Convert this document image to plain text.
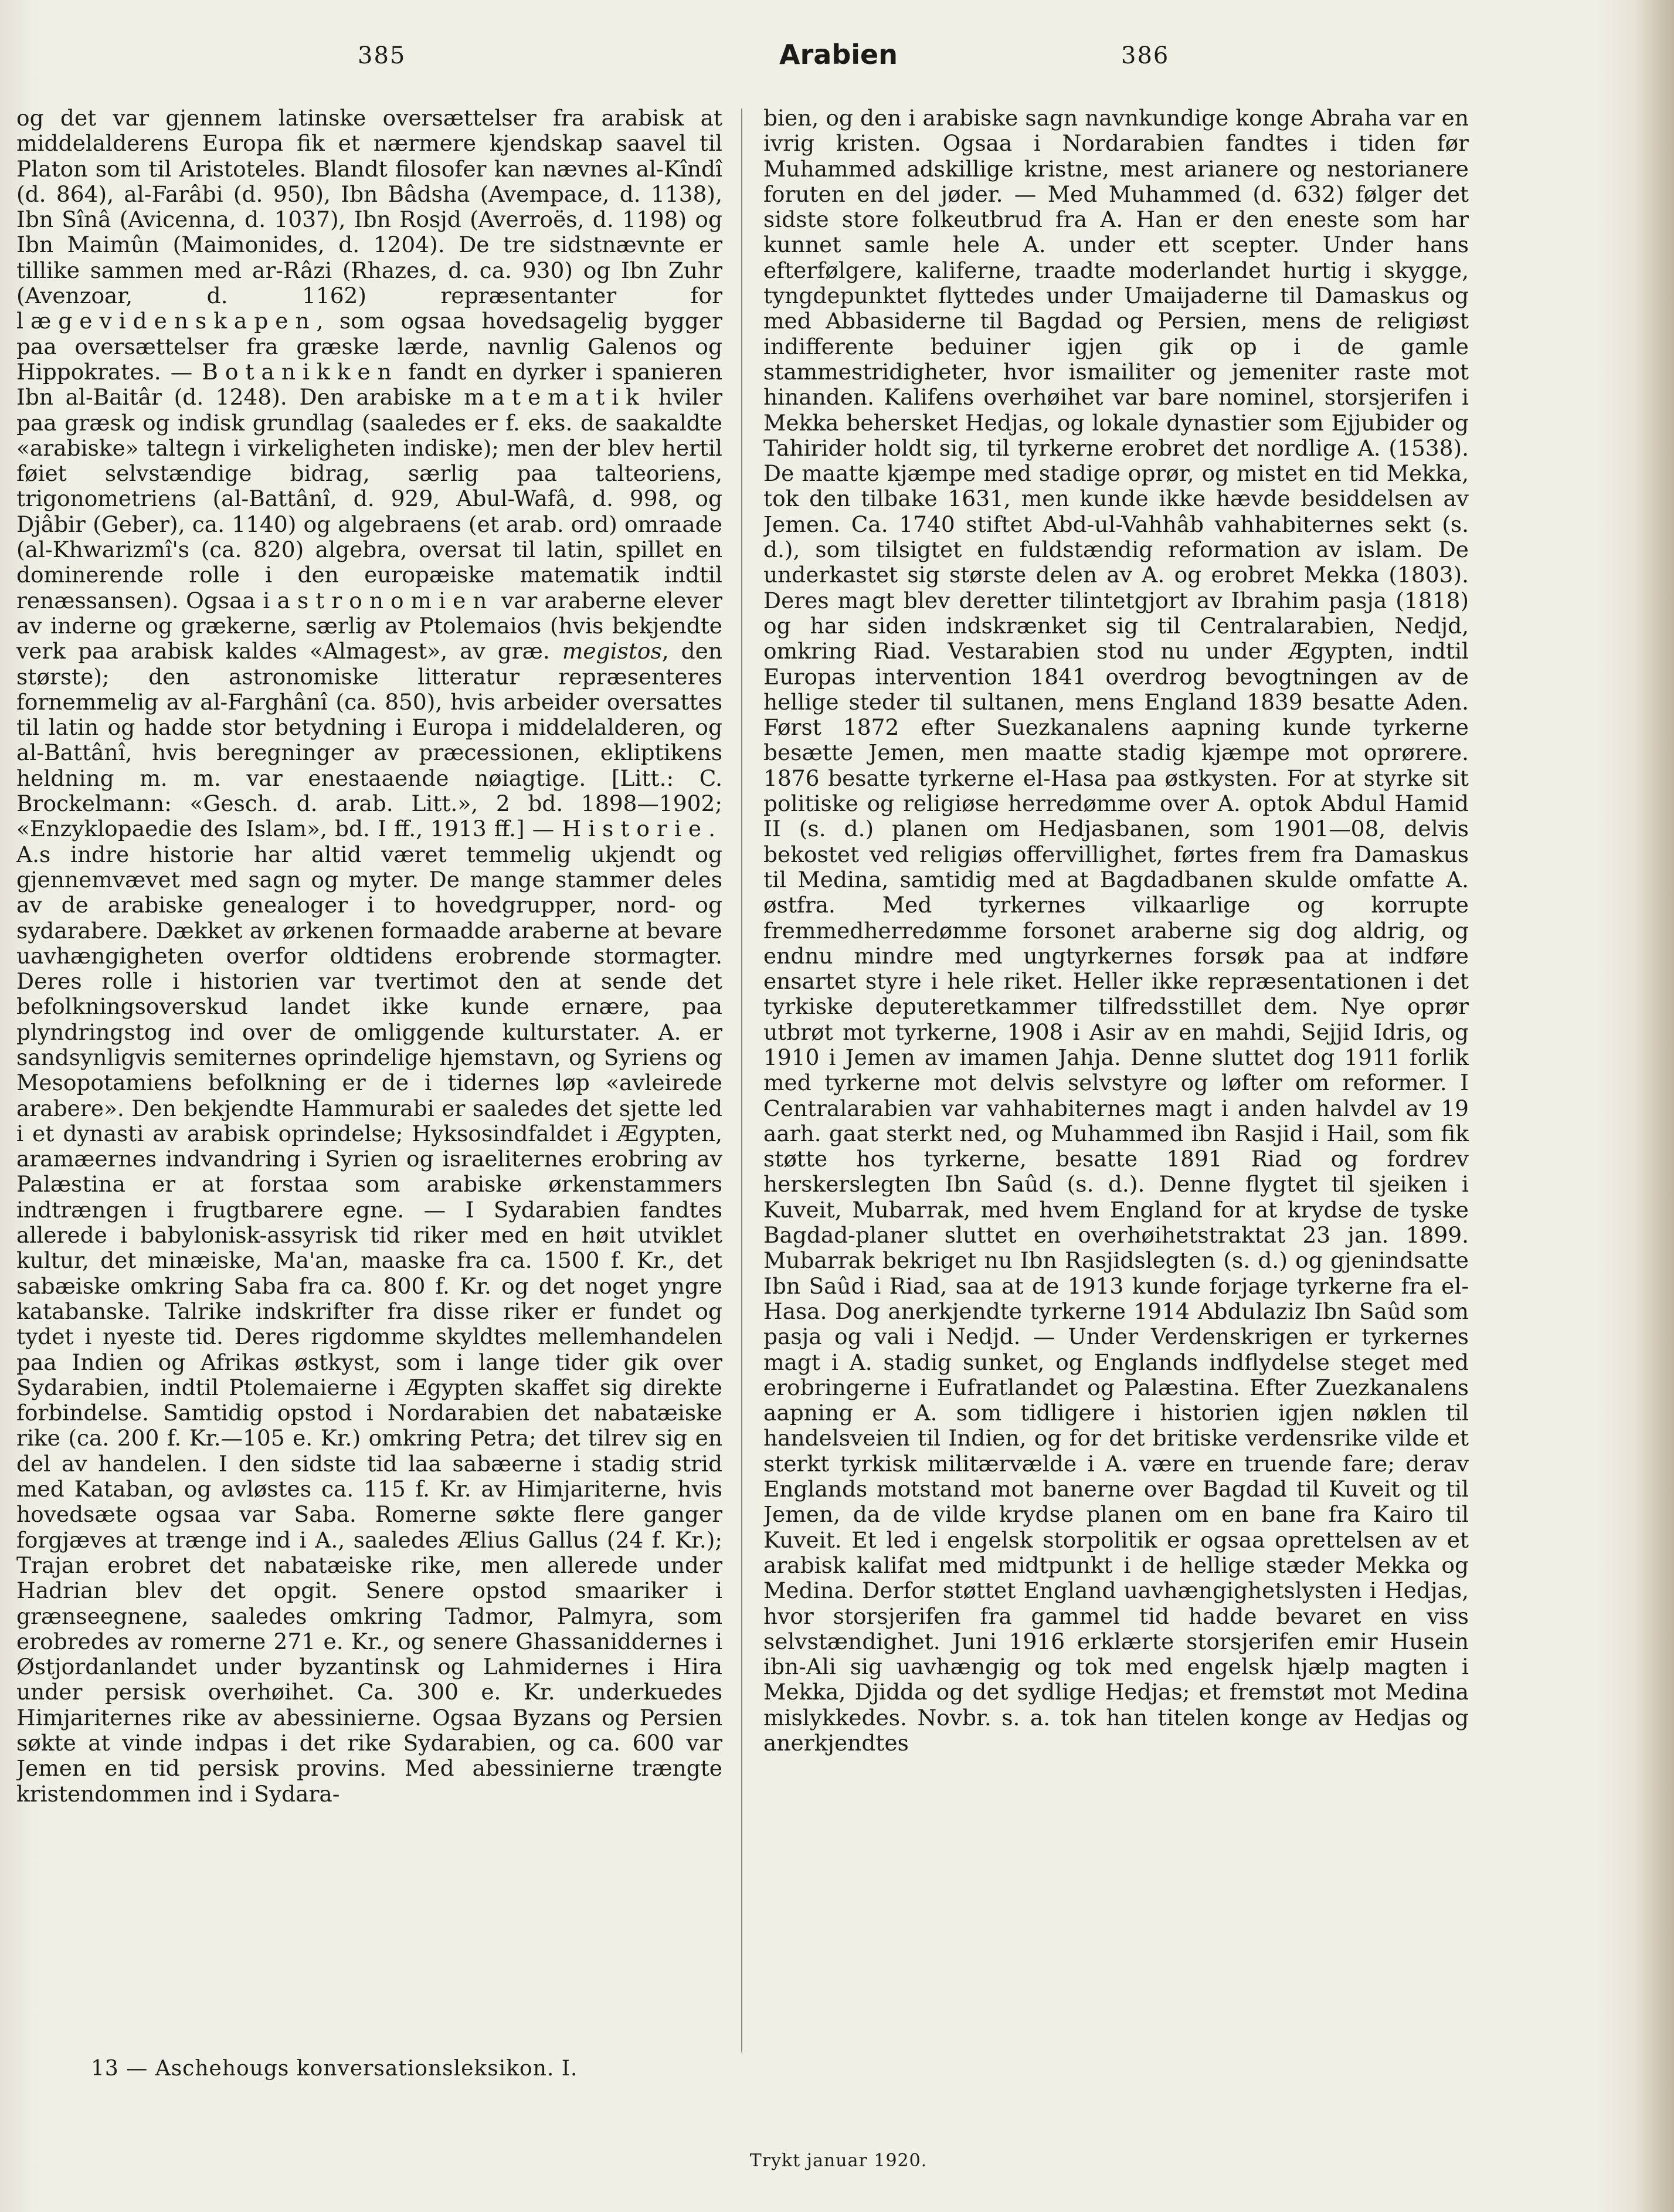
385	Arabien	386

og det var gjennem latinske oversættelser fra arabisk at middelalderens Europa fik et nærmere kjendskap saavel til Platon som til Aristoteles. Blandt filosofer kan nævnes al-Kîndî (d. 864), al-Farâbi (d. 950), Ibn Bâdsha (Avempace, d. 1138), Ibn Sînâ (Avicenna, d. 1037), Ibn Rosjd (Averroës, d. 1198) og Ibn Maimûn (Maimonides, d. 1204). De tre sidstnævnte er tillike sammen med ar-Râzi (Rhazes, d. ca. 930) og Ibn Zuhr (Avenzoar, d. 1162) repræsentanter for lægevidenskapen, som ogsaa hovedsagelig bygger paa oversættelser fra græske lærde, navnlig Galenos og Hippokrates. — Botanikken fandt en dyrker i spanieren Ibn al-Baitâr (d. 1248). Den arabiske matematik hviler paa græsk og indisk grundlag (saaledes er f. eks. de saakaldte «arabiske» taltegn i virkeligheten indiske); men der blev hertil føiet selvstændige bidrag, særlig paa talteoriens, trigonometriens (al-Battânî, d. 929, Abul-Wafâ, d. 998, og Djâbir (Geber), ca. 1140) og algebraens (et arab. ord) omraade (al-Khwarizmî's (ca. 820) algebra, oversat til latin, spillet en dominerende rolle i den europæiske matematik indtil renæssansen). Ogsaa i astronomien var araberne elever av inderne og grækerne, særlig av Ptolemaios (hvis bekjendte verk paa arabisk kaldes «Almagest», av græ. megistos, den største); den astronomiske litteratur repræsenteres fornemmelig av al-Farghânî (ca. 850), hvis arbeider oversattes til latin og hadde stor betydning i Europa i middelalderen, og al-Battânî, hvis beregninger av præcessionen, ekliptikens heldning m. m. var enestaaende nøiagtige. [Litt.: C. Brockelmann: «Gesch. d. arab. Litt.», 2 bd. 1898—1902; «Enzyklopaedie des Islam», bd. I ff., 1913 ff.] — Historie. A.s indre historie har altid været temmelig ukjendt og gjennemvævet med sagn og myter. De mange stammer deles av de arabiske genealoger i to hovedgrupper, nord- og sydarabere. Dækket av ørkenen formaadde araberne at bevare uavhængigheten overfor oldtidens erobrende stormagter. Deres rolle i historien var tvertimot den at sende det befolkningsoverskud landet ikke kunde ernære, paa plyndringstog ind over de omliggende kulturstater. A. er sandsynligvis semiternes oprindelige hjemstavn, og Syriens og Mesopotamiens befolkning er de i tidernes løp «avleirede arabere». Den bekjendte Hammurabi er saaledes det sjette led i et dynasti av arabisk oprindelse; Hyksosindfaldet i Ægypten, aramæernes indvandring i Syrien og israeliternes erobring av Palæstina er at forstaa som arabiske ørkenstammers indtrængen i frugtbarere egne. — I Sydarabien fandtes allerede i babylonisk-assyrisk tid riker med en høit utviklet kultur, det minæiske, Ma'an, maaske fra ca. 1500 f. Kr., det sabæiske omkring Saba fra ca. 800 f. Kr. og det noget yngre katabanske. Talrike indskrifter fra disse riker er fundet og tydet i nyeste tid. Deres rigdomme skyldtes mellemhandelen paa Indien og Afrikas østkyst, som i lange tider gik over Sydarabien, indtil Ptolemaierne i Ægypten skaffet sig direkte forbindelse. Samtidig opstod i Nordarabien det nabatæiske rike (ca. 200 f. Kr.—105 e. Kr.) omkring Petra; det tilrev sig en del av handelen. I den sidste tid laa sabæerne i stadig strid med Kataban, og avløstes ca. 115 f. Kr. av Himjariterne, hvis hovedsæte ogsaa var Saba. Romerne søkte flere ganger forgjæves at trænge ind i A., saaledes Ælius Gallus (24 f. Kr.); Trajan erobret det nabatæiske rike, men allerede under Hadrian blev det opgit. Senere opstod smaariker i grænseegnene, saaledes omkring Tadmor, Palmyra, som erobredes av romerne 271 e. Kr., og senere Ghassaniddernes i Østjordanlandet under byzantinsk og Lahmidernes i Hira under persisk overhøihet. Ca. 300 e. Kr. underkuedes Himjariternes rike av abessinierne. Ogsaa Byzans og Persien søkte at vinde indpas i det rike Sydarabien, og ca. 600 var Jemen en tid persisk provins. Med abessinierne trængte kristendommen ind i Sydara-

bien, og den i arabiske sagn navnkundige konge Abraha var en ivrig kristen. Ogsaa i Nordarabien fandtes i tiden før Muhammed adskillige kristne, mest arianere og nestorianere foruten en del jøder. — Med Muhammed (d. 632) følger det sidste store folkeutbrud fra A. Han er den eneste som har kunnet samle hele A. under ett scepter. Under hans efterfølgere, kaliferne, traadte moderlandet hurtig i skygge, tyngdepunktet flyttedes under Umaijaderne til Damaskus og med Abbasiderne til Bagdad og Persien, mens de religiøst indifferente beduiner igjen gik op i de gamle stammestridigheter, hvor ismailiter og jemeniter raste mot hinanden. Kalifens overhøihet var bare nominel, storsjerifen i Mekka behersket Hedjas, og lokale dynastier som Ejjubider og Tahirider holdt sig, til tyrkerne erobret det nordlige A. (1538). De maatte kjæmpe med stadige oprør, og mistet en tid Mekka, tok den tilbake 1631, men kunde ikke hævde besiddelsen av Jemen. Ca. 1740 stiftet Abd-ul-Vahhâb vahhabiternes sekt (s. d.), som tilsigtet en fuldstændig reformation av islam. De underkastet sig største delen av A. og erobret Mekka (1803). Deres magt blev deretter tilintetgjort av Ibrahim pasja (1818) og har siden indskrænket sig til Centralarabien, Nedjd, omkring Riad. Vestarabien stod nu under Ægypten, indtil Europas intervention 1841 overdrog bevogtningen av de hellige steder til sultanen, mens England 1839 besatte Aden. Først 1872 efter Suezkanalens aapning kunde tyrkerne besætte Jemen, men maatte stadig kjæmpe mot oprørere. 1876 besatte tyrkerne el-Hasa paa østkysten. For at styrke sit politiske og religiøse herredømme over A. optok Abdul Hamid II (s. d.) planen om Hedjasbanen, som 1901—08, delvis bekostet ved religiøs offervillighet, førtes frem fra Damaskus til Medina, samtidig med at Bagdadbanen skulde omfatte A. østfra. Med tyrkernes vilkaarlige og korrupte fremmedherredømme forsonet araberne sig dog aldrig, og endnu mindre med ungtyrkernes forsøk paa at indføre ensartet styre i hele riket. Heller ikke repræsentationen i det tyrkiske deputeretkammer tilfredsstillet dem. Nye oprør utbrøt mot tyrkerne, 1908 i Asir av en mahdi, Sejjid Idris, og 1910 i Jemen av imamen Jahja. Denne sluttet dog 1911 forlik med tyrkerne mot delvis selvstyre og løfter om reformer. I Centralarabien var vahhabiternes magt i anden halvdel av 19 aarh. gaat sterkt ned, og Muhammed ibn Rasjid i Hail, som fik støtte hos tyrkerne, besatte 1891 Riad og fordrev herskerslegten Ibn Saûd (s. d.). Denne flygtet til sjeiken i Kuveit, Mubarrak, med hvem England for at krydse de tyske Bagdad-planer sluttet en overhøihetstraktat 23 jan. 1899. Mubarrak bekriget nu Ibn Rasjidslegten (s. d.) og gjenindsatte Ibn Saûd i Riad, saa at de 1913 kunde forjage tyrkerne fra el-Hasa. Dog anerkjendte tyrkerne 1914 Abdulaziz Ibn Saûd som pasja og vali i Nedjd. — Under Verdenskrigen er tyrkernes magt i A. stadig sunket, og Englands indflydelse steget med erobringerne i Eufratlandet og Palæstina. Efter Zuezkanalens aapning er A. som tidligere i historien igjen nøklen til handelsveien til Indien, og for det britiske verdensrike vilde et sterkt tyrkisk militærvælde i A. være en truende fare; derav Englands motstand mot banerne over Bagdad til Kuveit og til Jemen, da de vilde krydse planen om en bane fra Kairo til Kuveit. Et led i engelsk storpolitik er ogsaa oprettelsen av et arabisk kalifat med midtpunkt i de hellige stæder Mekka og Medina. Derfor støttet England uavhængighetslysten i Hedjas, hvor storsjerifen fra gammel tid hadde bevaret en viss selvstændighet. Juni 1916 erklærte storsjerifen emir Husein ibn-Ali sig uavhængig og tok med engelsk hjælp magten i Mekka, Djidda og det sydlige Hedjas; et fremstøt mot Medina mislykkedes. Novbr. s. a. tok han titelen konge av Hedjas og anerkjendtes

13 — Aschehougs konversationsleksikon. I.
Trykt januar 1920.
